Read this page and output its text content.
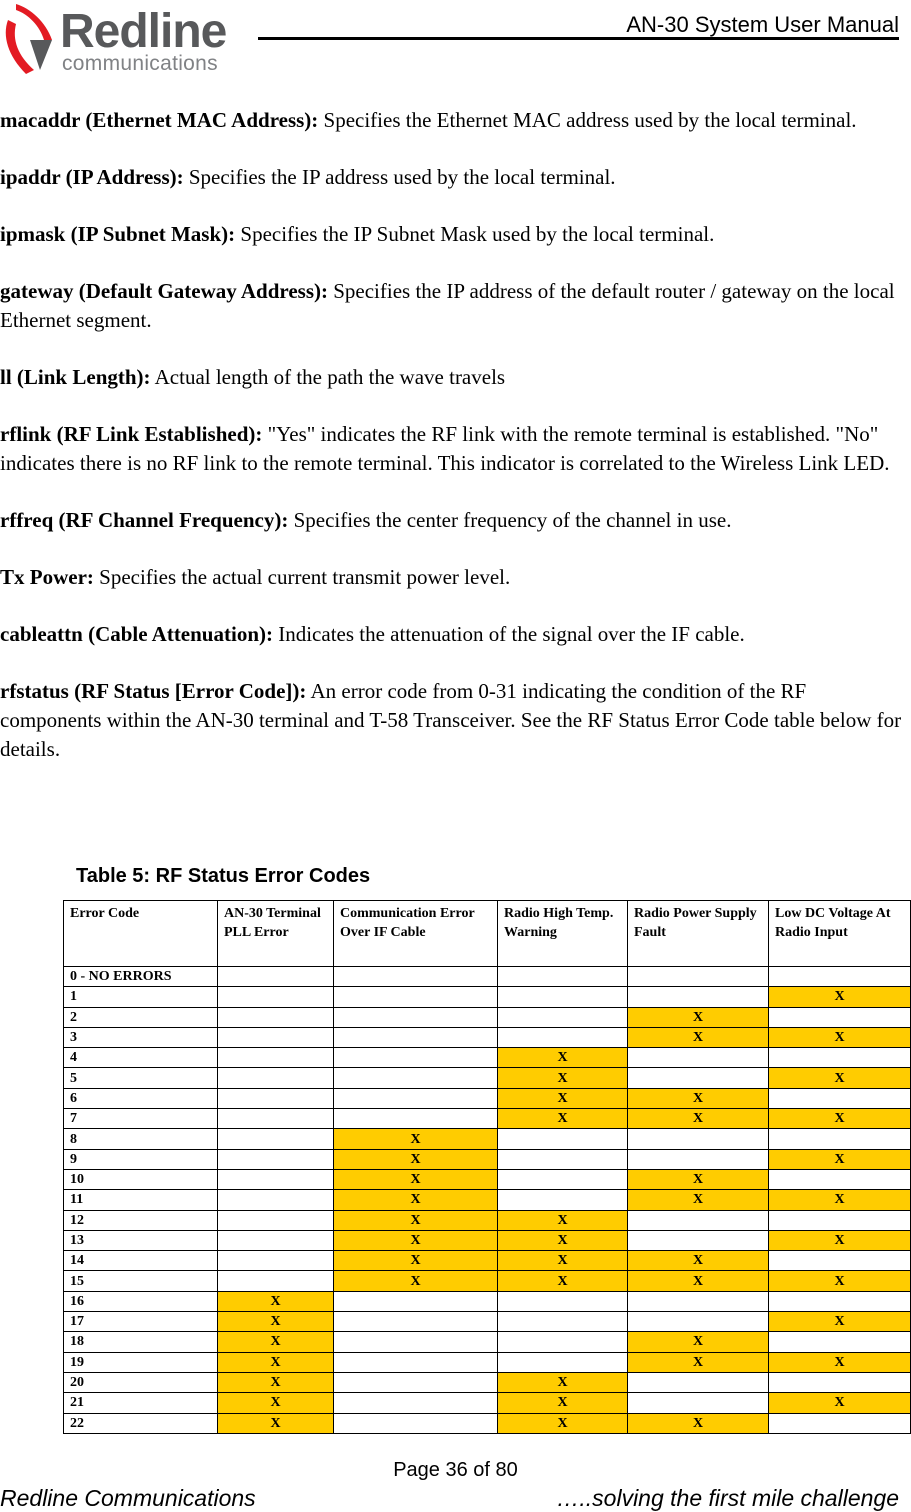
Redline
communications
AN-30 System User Manual

macaddr (Ethernet MAC Address): Specifies the Ethernet MAC address used by the local terminal.

ipaddr (IP Address): Specifies the IP address used by the local terminal.

ipmask (IP Subnet Mask): Specifies the IP Subnet Mask used by the local terminal.

gateway (Default Gateway Address): Specifies the IP address of the default router / gateway on the local Ethernet segment.

ll (Link Length): Actual length of the path the wave travels

rflink (RF Link Established): "Yes" indicates the RF link with the remote terminal is established. "No" indicates there is no RF link to the remote terminal. This indicator is correlated to the Wireless Link LED.

rffreq (RF Channel Frequency): Specifies the center frequency of the channel in use.

Tx Power: Specifies the actual current transmit power level.

cableattn (Cable Attenuation): Indicates the attenuation of the signal over the IF cable.

rfstatus (RF Status [Error Code]): An error code from 0-31 indicating the condition of the RF components within the AN-30 terminal and T-58 Transceiver. See the RF Status Error Code table below for details.

Table 5: RF Status Error Codes
Error Code	AN-30 Terminal PLL Error	Communication Error Over IF Cable	Radio High Temp. Warning	Radio Power Supply Fault	Low DC Voltage At Radio Input
0 - NO ERRORS					
1					X
2				X	
3				X	X
4			X		
5			X		X
6			X	X	
7			X	X	X
8		X			
9		X			X
10		X		X	
11		X		X	X
12		X	X		
13		X	X		X
14		X	X	X	
15		X	X	X	X
16	X				
17	X				X
18	X			X	
19	X			X	X
20	X		X		
21	X		X		X
22	X		X	X	
Page 36 of 80
Redline Communications	…..solving the first mile challenge
